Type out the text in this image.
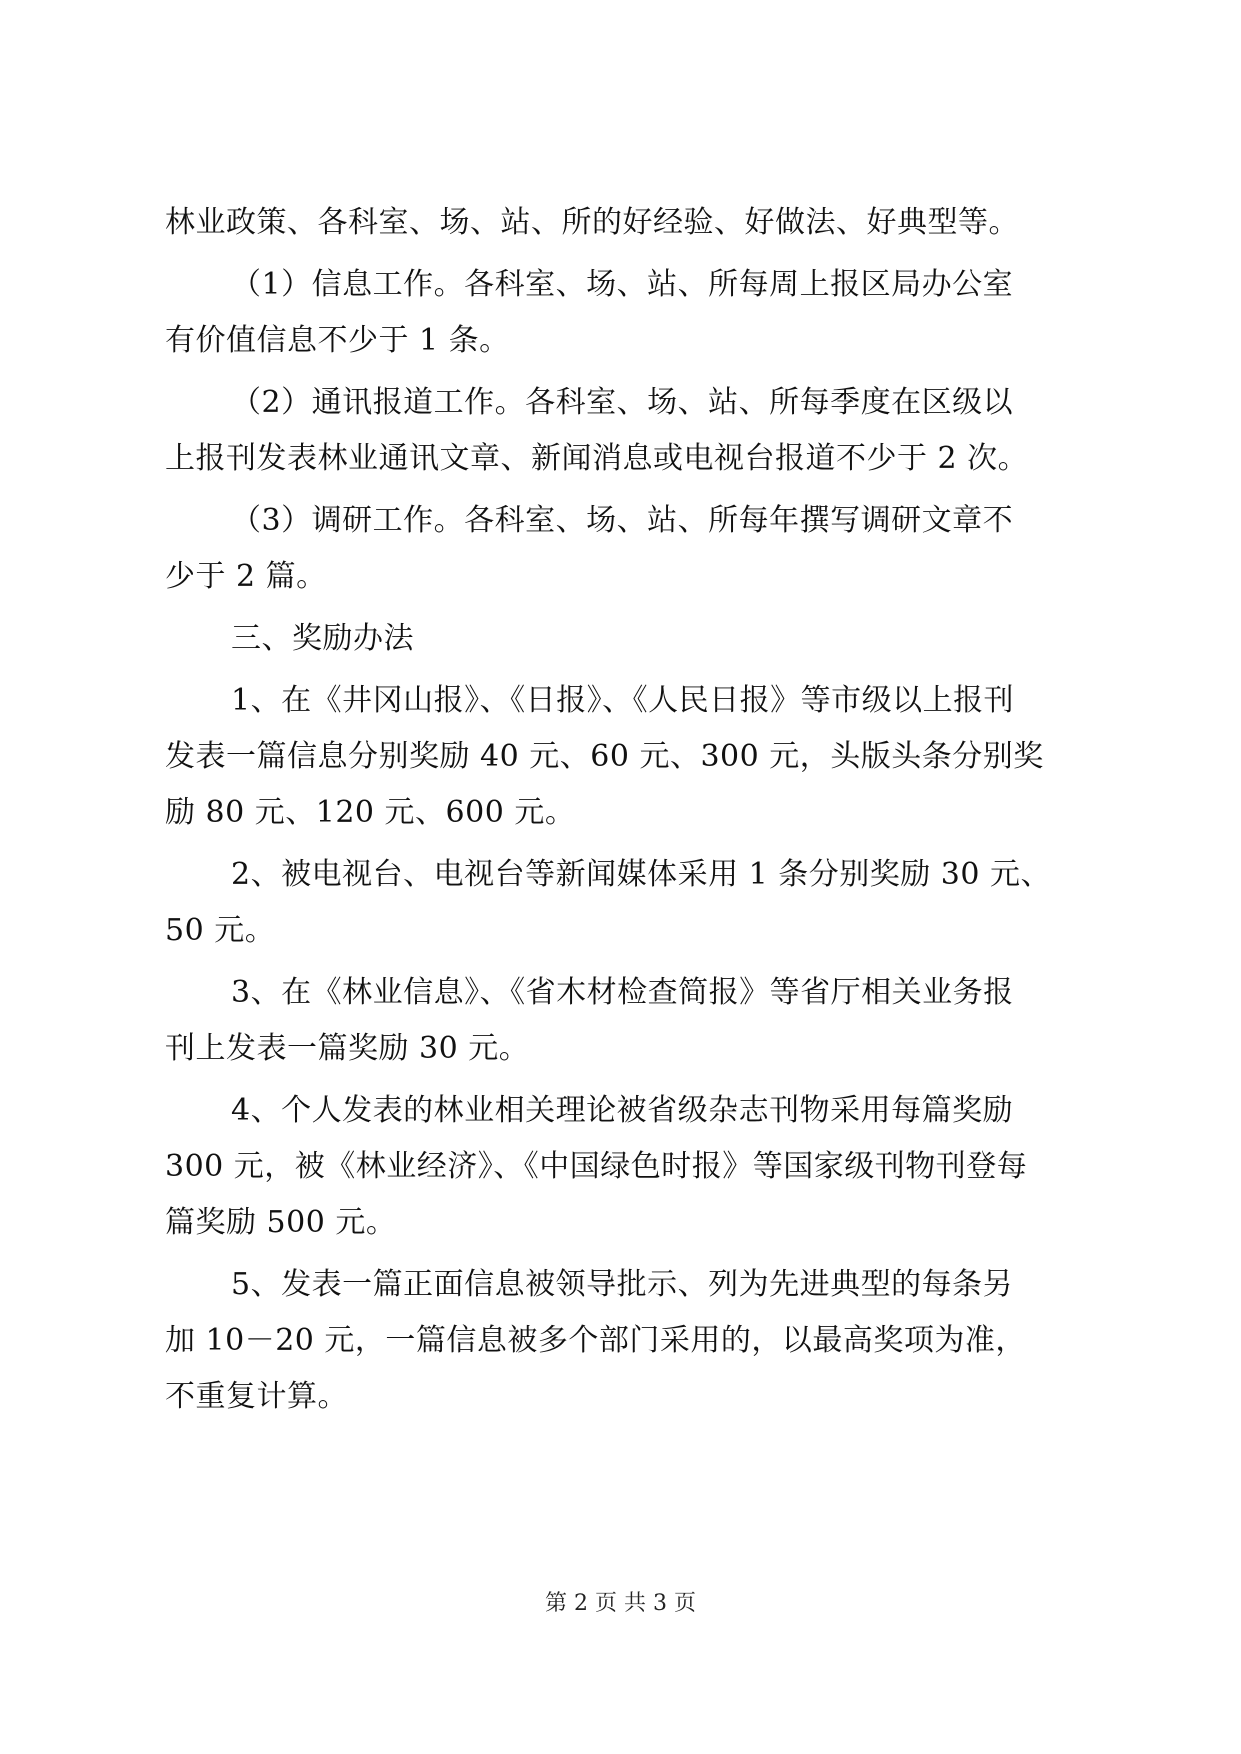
林业政策、各科室、场、站、所的好经验、好做法、好典型等。
（1）信息工作。各科室、场、站、所每周上报区局办公室
有价值信息不少于 1 条。
（2）通讯报道工作。各科室、场、站、所每季度在区级以
上报刊发表林业通讯文章、新闻消息或电视台报道不少于 2 次。
（3）调研工作。各科室、场、站、所每年撰写调研文章不
少于 2 篇。
三、奖励办法
1、在《井冈山报》、《日报》、《人民日报》等市级以上报刊
发表一篇信息分别奖励 40 元、60 元、300 元，头版头条分别奖
励 80 元、120 元、600 元。
2、被电视台、电视台等新闻媒体采用 1 条分别奖励 30 元、
50 元。
3、在《林业信息》、《省木材检查简报》等省厅相关业务报
刊上发表一篇奖励 30 元。
4、个人发表的林业相关理论被省级杂志刊物采用每篇奖励
300 元，被《林业经济》、《中国绿色时报》等国家级刊物刊登每
篇奖励 500 元。
5、发表一篇正面信息被领导批示、列为先进典型的每条另
加 10－20 元，一篇信息被多个部门采用的，以最高奖项为准，
不重复计算。
第 2 页 共 3 页
